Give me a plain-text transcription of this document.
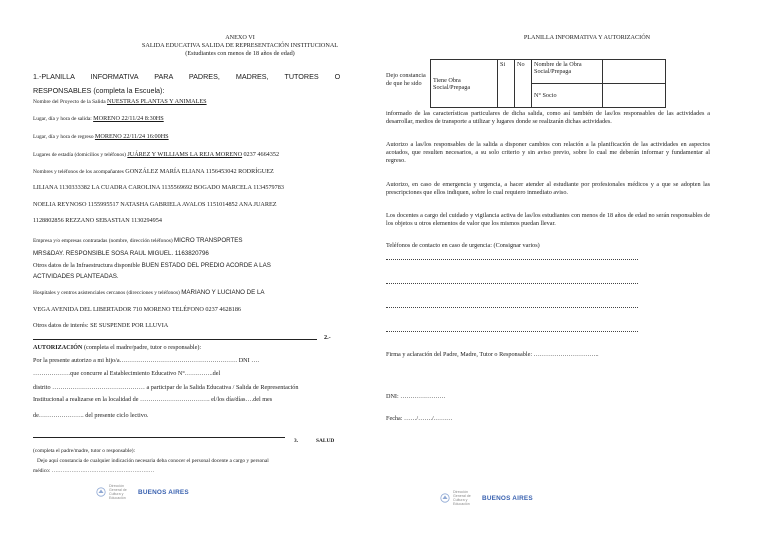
ANEXO VI
SALIDA EDUCATIVA SALIDA DE REPRESENTACIÓN INSTITUCIONAL
(Estudiantes con menos de 18 años de edad)
1.-PLANILLA INFORMATIVA PARA PADRES, MADRES, TUTORES O
RESPONSABLES (completa la Escuela):
Nombre del Proyecto de la Salida NUESTRAS PLANTAS Y ANIMALES
Lugar, día y hora de salida: MORENO 22/11/24 8:30HS
Lugar, día y hora de regreso MORENO 22/11/24 16:00HS
Lugares de estadía (domicilios y teléfonos) JUÁREZ Y WILLIAMS LA REJA MORENO 0237 4664352
Nombres y teléfonos de los acompañantes GONZÁLEZ MARÍA ELIANA 1156453042 RODRÍGUEZ
LILIANA 1130333382 LA CUADRA CAROLINA 1135569692 BOGADO MARCELA 1134579783
NOELIA REYNOSO 1155995517 NATASHA GABRIELA AVALOS 1151014852 ANA JUAREZ
1128802856 REZZANO SEBASTIAN 1130294954
Empresa y/o empresas contratadas (nombre, dirección teléfonos) MICRO TRANSPORTES
MRS&DAY. RESPONSIBLE SOSA RAUL MIGUEL. 1163820796
Otros datos de la Infraestructura disponible BUEN ESTADO DEL PREDIO ACORDE A LAS
ACTIVIDADES PLANTEADAS.
Hospitales y centros asistenciales cercanos (direcciones y teléfonos) MARIANO Y LUCIANO DE LA
VEGA AVENIDA DEL LIBERTADOR 710 MORENO TELÉFONO 0237 4628186
Otros datos de interés: SE SUSPENDE POR LLUVIA
2.-
AUTORIZACIÓN (completa el madre/padre, tutor o responsable):
Por la presente autorizo a mi hijo/a………………………………………………… DNI ….
………………que concurre al Establecimiento Educativo N°…………..del
distrito ……………………………………… a participar de la Salida Educativa / Salida de Representación
Institucional a realizarse en la localidad de ……………………………. el/los día/días….del mes
de…………………. del presente ciclo lectivo.
3.	SALUD
(completa el padre/madre, tutor o responsable):
Dejo aquí constancia de cualquier indicación necesaria deba conocer el personal docente a cargo y personal
médico: …………………………………………………
Dirección General de Cultura y Educación
BUENOS AIRES
PLANILLA INFORMATIVA Y AUTORIZACIÓN
Dejo constancia de que he sido	Tiene Obra Social/Prepaga	Si	No	Nombre de la Obra Social/Prepaga	
			N° Socio	
informado de las características particulares de dicha salida, como así también de las/los responsables de las actividades a desarrollar, medios de transporte a utilizar y lugares donde se realizarán dichas actividades.
Autorizo a las/los responsables de la salida a disponer cambios con relación a la planificación de las actividades en aspectos acotados, que resulten necesarios, a su solo criterio y sin aviso previo, sobre lo cual me deberán informar y fundamentar al regreso.
Autorizo, en caso de emergencia y urgencia, a hacer atender al estudiante por profesionales médicos y a que se adopten las prescripciones que ellos indiquen, sobre lo cual requiero inmediato aviso.
Los docentes a cargo del cuidado y vigilancia activa de las/los estudiantes con menos de 18 años de edad no serán responsables de los objetos u otros elementos de valor que los mismos puedan llevar.
Teléfonos de contacto en caso de urgencia: (Consignar varios)
Firma y aclaración del Padre, Madre, Tutor o Responsable: …………………………..
DNI: ………………….
Fecha: ……/……./………
Dirección General de Cultura y Educación
BUENOS AIRES
